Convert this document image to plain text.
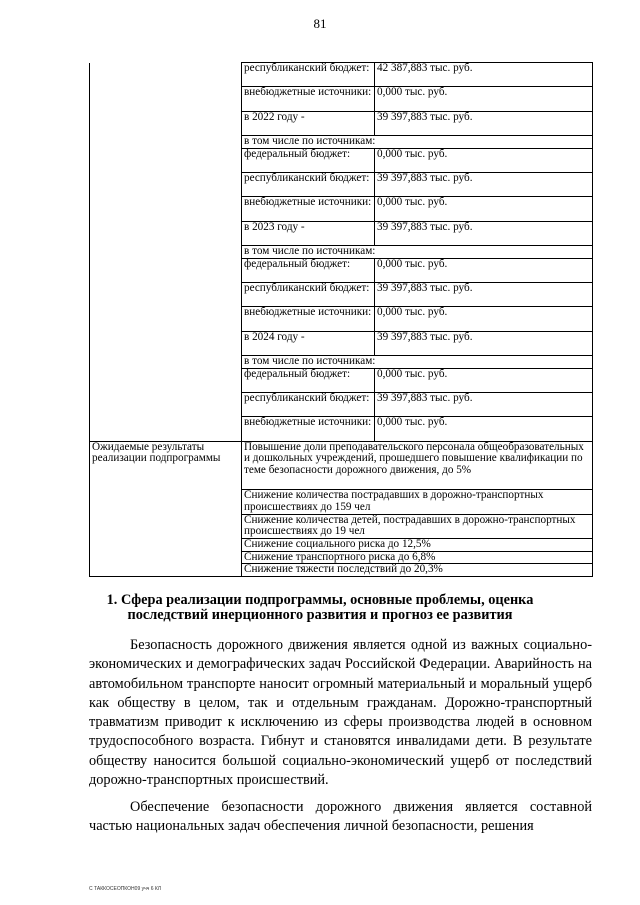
81
	республиканский бюджет:	42 387,883 тыс. руб.
	внебюджетные источники:	0,000 тыс. руб.
	в 2022 году -	39 397,883 тыс. руб.
	в том числе по источникам:	
	федеральный бюджет:	0,000 тыс. руб.
	республиканский бюджет:	39 397,883 тыс. руб.
	внебюджетные источники:	0,000 тыс. руб.
	в 2023 году -	39 397,883 тыс. руб.
	в том числе по источникам:	
	федеральный бюджет:	0,000 тыс. руб.
	республиканский бюджет:	39 397,883 тыс. руб.
	внебюджетные источники:	0,000 тыс. руб.
	в 2024 году -	39 397,883 тыс. руб.
	в том числе по источникам:	
	федеральный бюджет:	0,000 тыс. руб.
	республиканский бюджет:	39 397,883 тыс. руб.
	внебюджетные источники:	0,000 тыс. руб.
Ожидаемые результаты реализации подпрограммы	Повышение доли преподавательского персонала общеобразовательных и дошкольных учреждений, прошедшего повышение квалификации по теме безопасности дорожного движения, до 5%	
	Снижение количества пострадавших в дорожно-транспортных происшествиях до 159 чел	
	Снижение количества детей, пострадавших в дорожно-транспортных происшествиях до 19 чел	
	Снижение социального риска до 12,5%	
	Снижение транспортного риска до 6,8%	
	Снижение тяжести последствий до 20,3%	
1. Сфера реализации подпрограммы, основные проблемы, оценка последствий инерционного развития и прогноз ее развития

Безопасность дорожного движения является одной из важных социально-экономических и демографических задач Российской Федерации. Аварийность на автомобильном транспорте наносит огромный материальный и моральный ущерб как обществу в целом, так и отдельным гражданам. Дорожно-транспортный травматизм приводит к исключению из сферы производства людей в основном трудоспособного возраста. Гибнут и становятся инвалидами дети. В результате обществу наносится большой социально-экономический ущерб от последствий дорожно-транспортных происшествий.

Обеспечение безопасности дорожного движения является составной частью национальных задач обеспечения личной безопасности, решения

С ТАККОСЕОПКОН09 учч 6 КЛ
